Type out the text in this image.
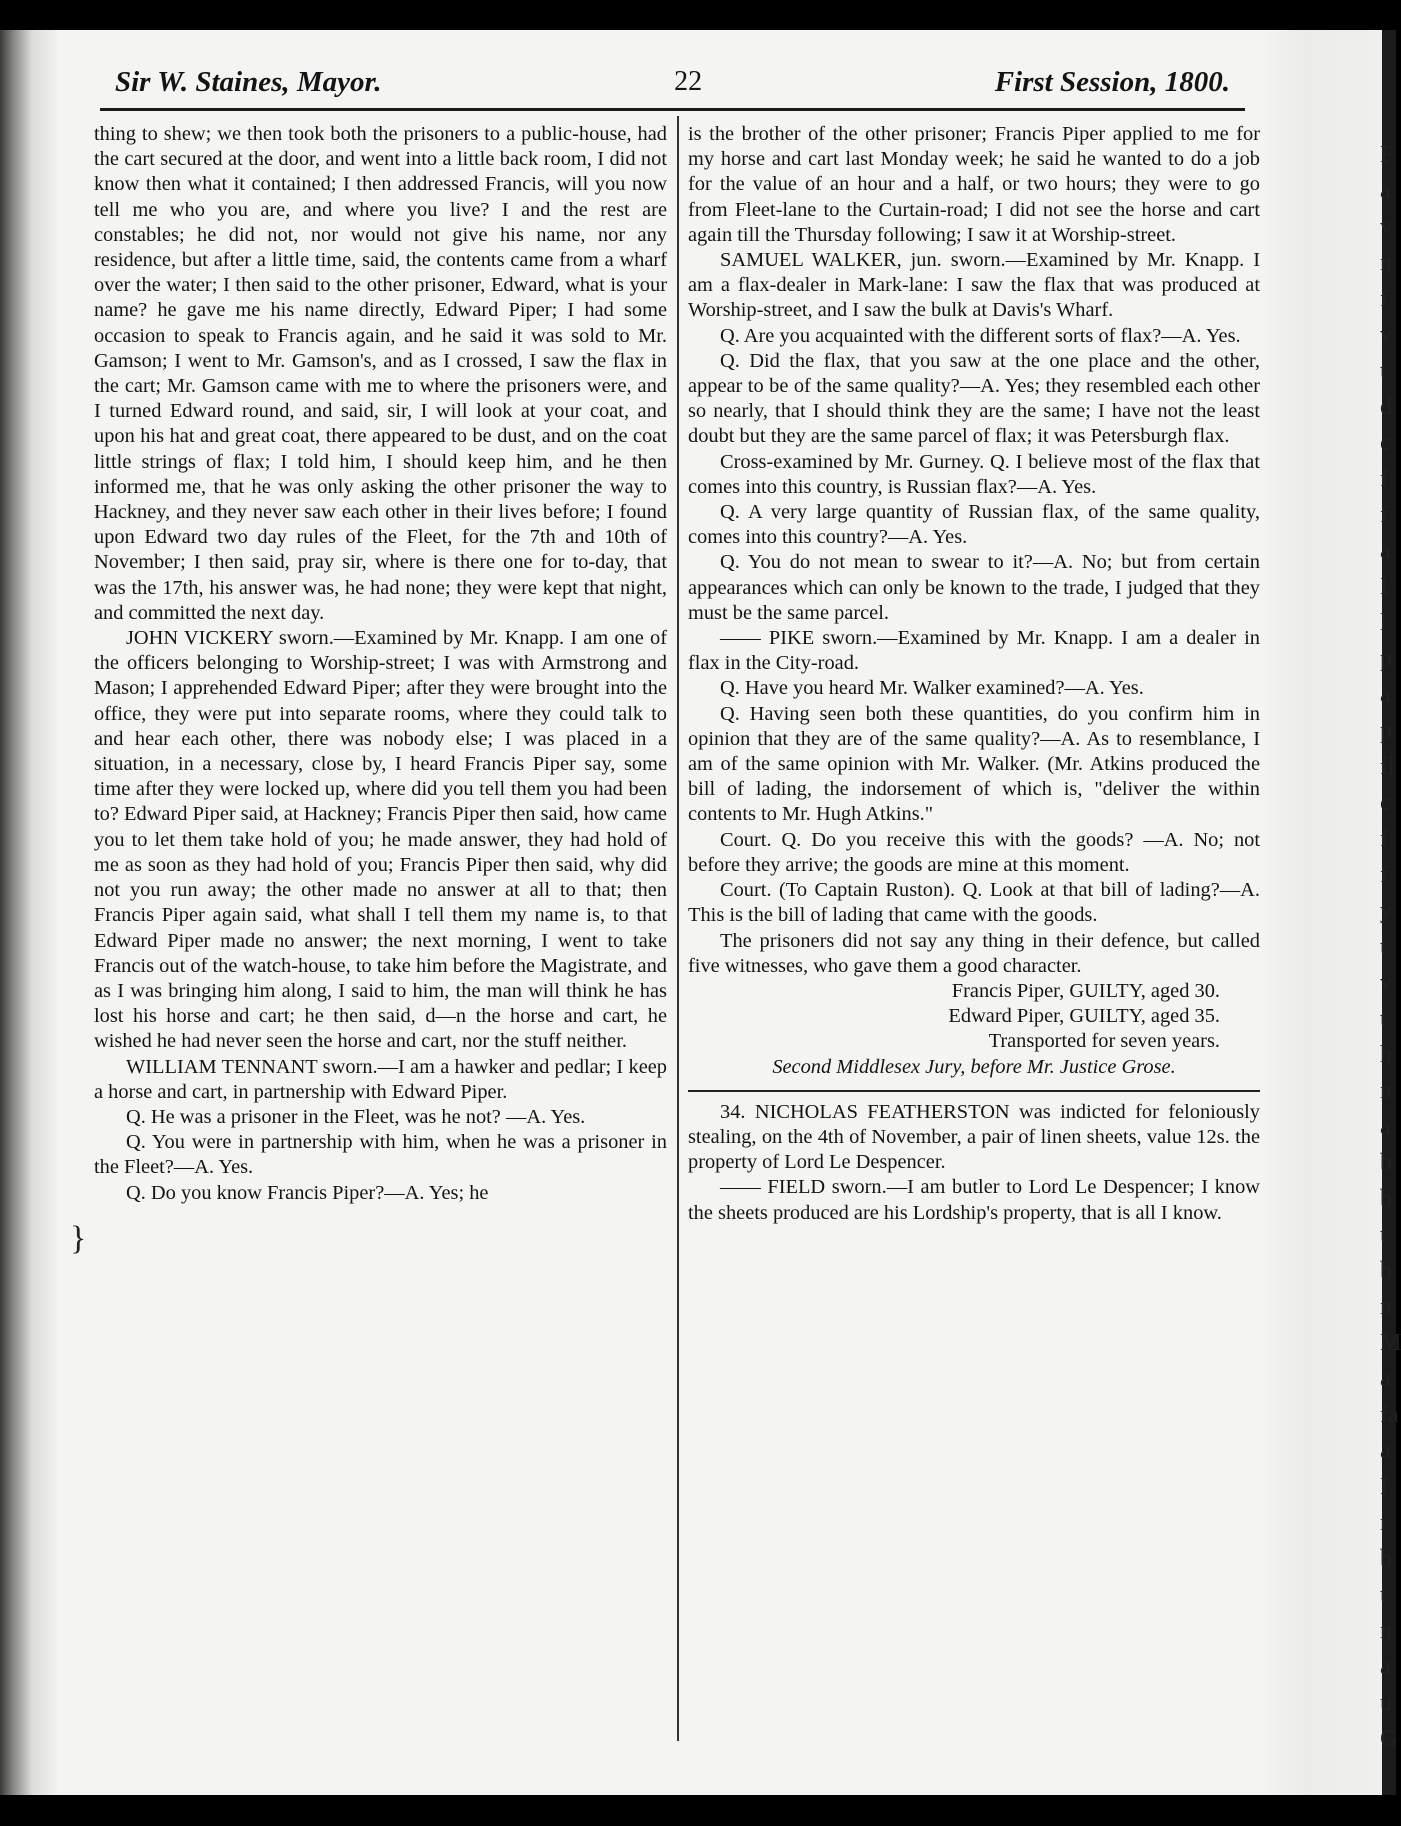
Sir W. Staines, Mayor.	22	First Session, 1800.

thing to shew; we then took both the prisoners to a public-house, had the cart secured at the door, and went into a little back room, I did not know then what it contained; I then addressed Francis, will you now tell me who you are, and where you live? I and the rest are constables; he did not, nor would not give his name, nor any residence, but after a little time, said, the contents came from a wharf over the water; I then said to the other prisoner, Edward, what is your name? he gave me his name directly, Edward Piper; I had some occasion to speak to Francis again, and he said it was sold to Mr. Gamson; I went to Mr. Gamson's, and as I crossed, I saw the flax in the cart; Mr. Gamson came with me to where the prisoners were, and I turned Edward round, and said, sir, I will look at your coat, and upon his hat and great coat, there appeared to be dust, and on the coat little strings of flax; I told him, I should keep him, and he then informed me, that he was only asking the other prisoner the way to Hackney, and they never saw each other in their lives before; I found upon Edward two day rules of the Fleet, for the 7th and 10th of November; I then said, pray sir, where is there one for to-day, that was the 17th, his answer was, he had none; they were kept that night, and committed the next day.

JOHN VICKERY sworn.—Examined by Mr. Knapp. I am one of the officers belonging to Worship-street; I was with Armstrong and Mason; I apprehended Edward Piper; after they were brought into the office, they were put into separate rooms, where they could talk to and hear each other, there was nobody else; I was placed in a situation, in a necessary, close by, I heard Francis Piper say, some time after they were locked up, where did you tell them you had been to? Edward Piper said, at Hackney; Francis Piper then said, how came you to let them take hold of you; he made answer, they had hold of me as soon as they had hold of you; Francis Piper then said, why did not you run away; the other made no answer at all to that; then Francis Piper again said, what shall I tell them my name is, to that Edward Piper made no answer; the next morning, I went to take Francis out of the watch-house, to take him before the Magistrate, and as I was bringing him along, I said to him, the man will think he has lost his horse and cart; he then said, d—n the horse and cart, he wished he had never seen the horse and cart, nor the stuff neither.

WILLIAM TENNANT sworn.—I am a hawker and pedlar; I keep a horse and cart, in partnership with Edward Piper.

Q. He was a prisoner in the Fleet, was he not? —A. Yes.

Q. You were in partnership with him, when he was a prisoner in the Fleet?—A. Yes.

Q. Do you know Francis Piper?—A. Yes; he

is the brother of the other prisoner; Francis Piper applied to me for my horse and cart last Monday week; he said he wanted to do a job for the value of an hour and a half, or two hours; they were to go from Fleet-lane to the Curtain-road; I did not see the horse and cart again till the Thursday following; I saw it at Worship-street.

SAMUEL WALKER, jun. sworn.—Examined by Mr. Knapp. I am a flax-dealer in Mark-lane: I saw the flax that was produced at Worship-street, and I saw the bulk at Davis's Wharf.

Q. Are you acquainted with the different sorts of flax?—A. Yes.

Q. Did the flax, that you saw at the one place and the other, appear to be of the same quality?—A. Yes; they resembled each other so nearly, that I should think they are the same; I have not the least doubt but they are the same parcel of flax; it was Petersburgh flax.

Cross-examined by Mr. Gurney. Q. I believe most of the flax that comes into this country, is Russian flax?—A. Yes.

Q. A very large quantity of Russian flax, of the same quality, comes into this country?—A. Yes.

Q. You do not mean to swear to it?—A. No; but from certain appearances which can only be known to the trade, I judged that they must be the same parcel.

—— PIKE sworn.—Examined by Mr. Knapp. I am a dealer in flax in the City-road.

Q. Have you heard Mr. Walker examined?—A. Yes.

Q. Having seen both these quantities, do you confirm him in opinion that they are of the same quality?—A. As to resemblance, I am of the same opinion with Mr. Walker. (Mr. Atkins produced the bill of lading, the indorsement of which is, "deliver the within contents to Mr. Hugh Atkins."

Court. Q. Do you receive this with the goods? —A. No; not before they arrive; the goods are mine at this moment.

Court. (To Captain Ruston). Q. Look at that bill of lading?—A. This is the bill of lading that came with the goods.

The prisoners did not say any thing in their defence, but called five witnesses, who gave them a good character.

Francis Piper, GUILTY, aged 30.

Edward Piper, GUILTY, aged 35.

Transported for seven years.

Second Middlesex Jury, before Mr. Justice Grose.

34. NICHOLAS FEATHERSTON was indicted for feloniously stealing, on the 4th of November, a pair of linen sheets, value 12s. the property of Lord Le Despencer.

—— FIELD sworn.—I am butler to Lord Le Despencer; I know the sheets produced are his Lordship's property, that is all I know.

}
F
a
v
n
f
v
t
d
c
f
f
a
I
l
p
a
p
fl
c
f
f
y
t
v
t
h
n
a
b
b
t
b
n
M
a
fa
a
I
r
b
t
n
a
u
G
